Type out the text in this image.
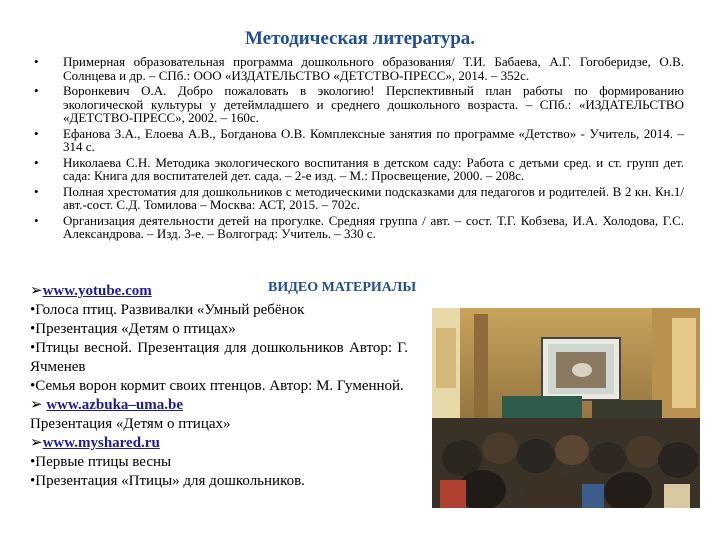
Методическая литература.
• Примерная образовательная программа дошкольного образования/ Т.И. Бабаева, А.Г. Гогоберидзе, О.В. Солнцева и др. – СПб.: ООО «ИЗДАТЕЛЬСТВО «ДЕТСТВО-ПРЕСС», 2014. – 352с.
• Воронкевич О.А. Добро пожаловать в экологию! Перспективный план работы по формированию экологической культуры у детеймладшего и среднего дошкольного возраста. – СПб.: «ИЗДАТЕЛЬСТВО «ДЕТСТВО-ПРЕСС», 2002. – 160с.
• Ефанова З.А., Елоева А.В., Богданова О.В. Комплексные занятия по программе «Детство» - Учитель, 2014. – 314 с.
• Николаева С.Н. Методика экологического воспитания в детском саду: Работа с детьми сред. и ст. групп дет. сада: Книга для воспитателей дет. сада. – 2-е изд. – М.: Просвещение, 2000. – 208с.
• Полная хрестоматия для дошкольников с методическими подсказками для педагогов и родителей. В 2 кн. Кн.1/авт.-сост. С.Д. Томилова – Москва: АСТ, 2015. – 702с.
• Организация деятельности детей на прогулке. Средняя группа / авт. – сост. Т.Г. Кобзева, И.А. Холодова, Г.С. Александрова. – Изд. 3-е. – Волгоград: Учитель. – 330 с.
ВИДЕО МАТЕРИАЛЫ
➢www.yotube.com
•Голоса птиц. Развивалки «Умный ребёнок
•Презентация «Детям о птицах»
•Птицы весной. Презентация для дошкольников Автор: Г. Ячменев
•Семья ворон кормит своих птенцов. Автор: М. Гуменной.
➢ www.azbuka–uma.be
Презентация «Детям о птицах»
➢www.myshared.ru
•Первые птицы весны
•Презентация «Птицы» для дошкольников.
